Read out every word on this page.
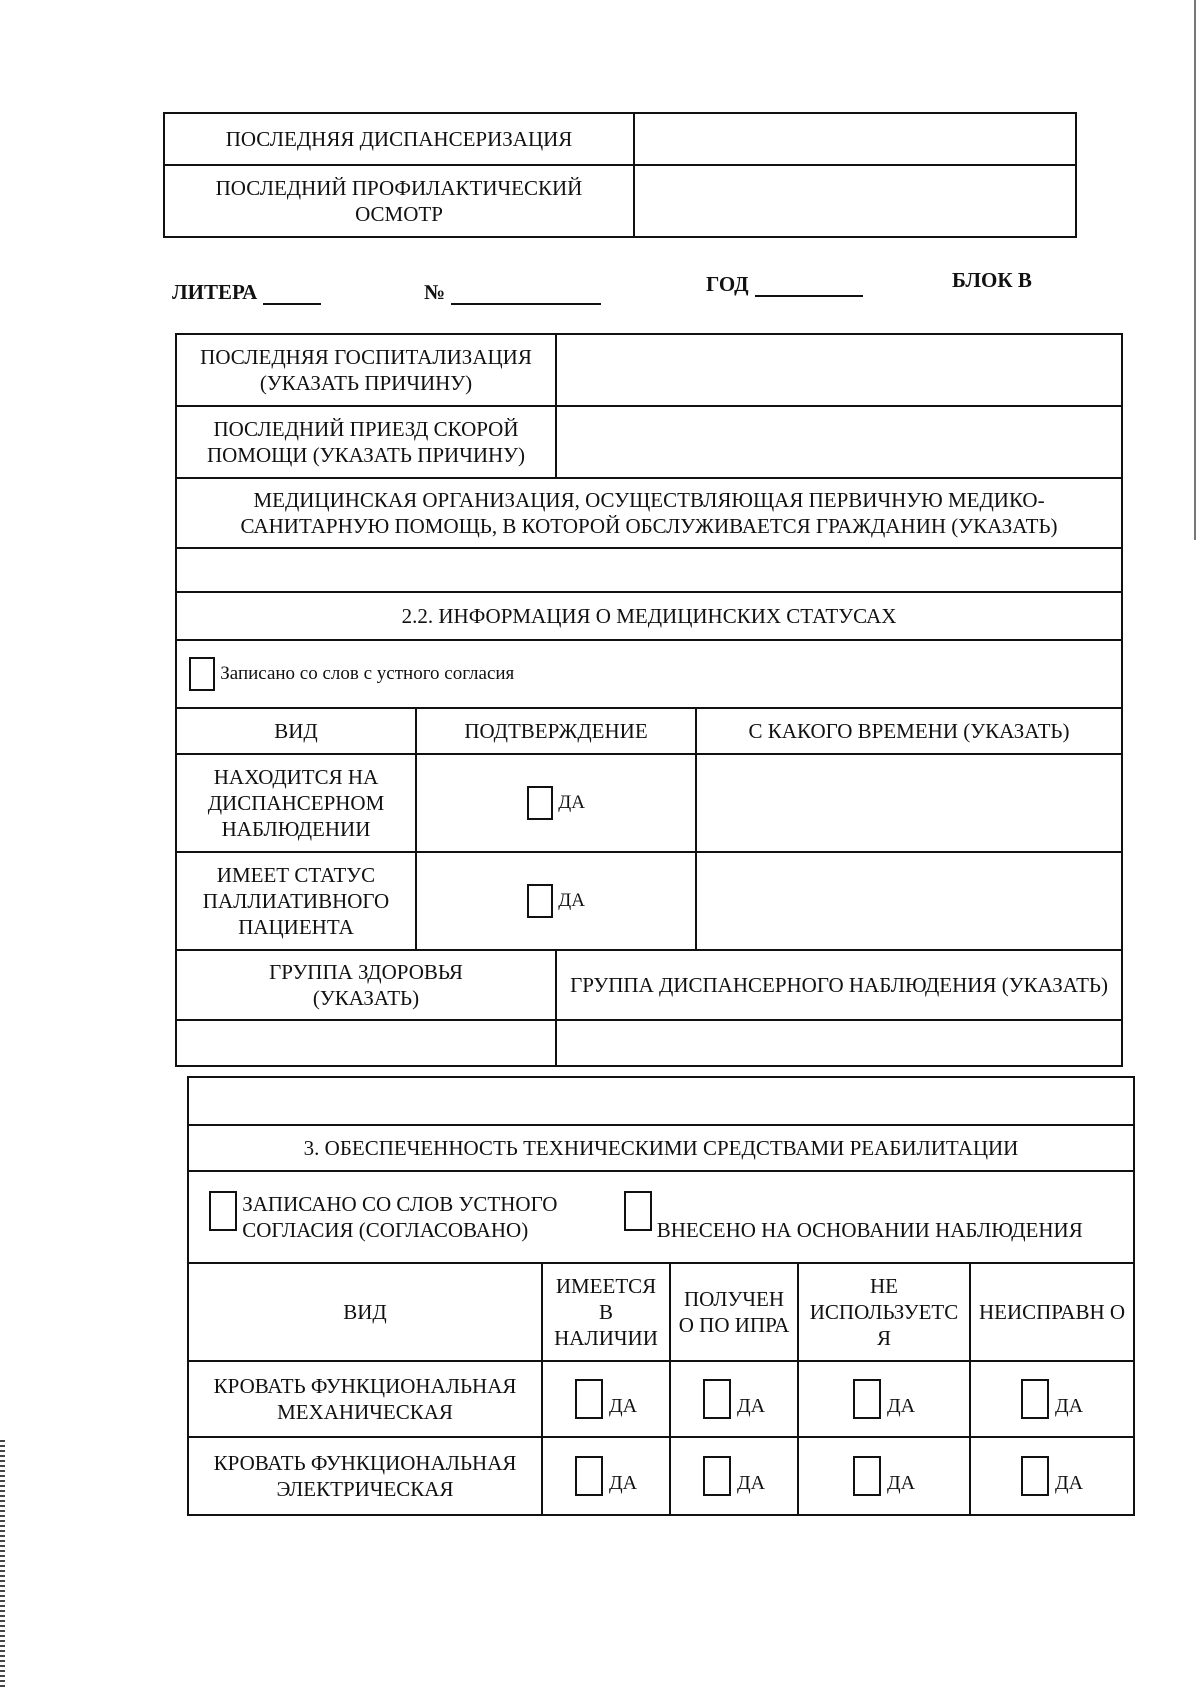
ПОСЛЕДНЯЯ ДИСПАНСЕРИЗАЦИЯ	
ПОСЛЕДНИЙ ПРОФИЛАКТИЧЕСКИЙ ОСМОТР	
ЛИТЕРА	№	ГОД	БЛОК В
ПОСЛЕДНЯЯ ГОСПИТАЛИЗАЦИЯ (УКАЗАТЬ ПРИЧИНУ)			
ПОСЛЕДНИЙ ПРИЕЗД СКОРОЙ ПОМОЩИ (УКАЗАТЬ ПРИЧИНУ)			
МЕДИЦИНСКАЯ ОРГАНИЗАЦИЯ, ОСУЩЕСТВЛЯЮЩАЯ ПЕРВИЧНУЮ МЕДИКО-САНИТАРНУЮ ПОМОЩЬ, В КОТОРОЙ ОБСЛУЖИВАЕТСЯ ГРАЖДАНИН (УКАЗАТЬ)			

2.2. ИНФОРМАЦИЯ О МЕДИЦИНСКИХ СТАТУСАХ			
Записано со слов с устного согласия			
ВИД	ПОДТВЕРЖДЕНИЕ		С КАКОГО ВРЕМЕНИ (УКАЗАТЬ)
НАХОДИТСЯ НА ДИСПАНСЕРНОМ НАБЛЮДЕНИИ	ДА		
ИМЕЕТ СТАТУС ПАЛЛИАТИВНОГО ПАЦИЕНТА	ДА		
ГРУППА ЗДОРОВЬЯ (УКАЗАТЬ)		ГРУППА ДИСПАНСЕРНОГО НАБЛЮДЕНИЯ (УКАЗАТЬ)	

3. ОБЕСПЕЧЕННОСТЬ ТЕХНИЧЕСКИМИ СРЕДСТВАМИ РЕАБИЛИТАЦИИ				
ЗАПИСАНО СО СЛОВ УСТНОГО СОГЛАСИЯ (СОГЛАСОВАНО) ВНЕСЕНО НА ОСНОВАНИИ НАБЛЮДЕНИЯ				
ВИД	ИМЕЕТСЯ В НАЛИЧИИ	ПОЛУЧЕН О ПО ИПРА	НЕ ИСПОЛЬЗУЕТС Я	НЕИСПРАВН О
КРОВАТЬ ФУНКЦИОНАЛЬНАЯ МЕХАНИЧЕСКАЯ	ДА	ДА	ДА	ДА
КРОВАТЬ ФУНКЦИОНАЛЬНАЯ ЭЛЕКТРИЧЕСКАЯ	ДА	ДА	ДА	ДА
